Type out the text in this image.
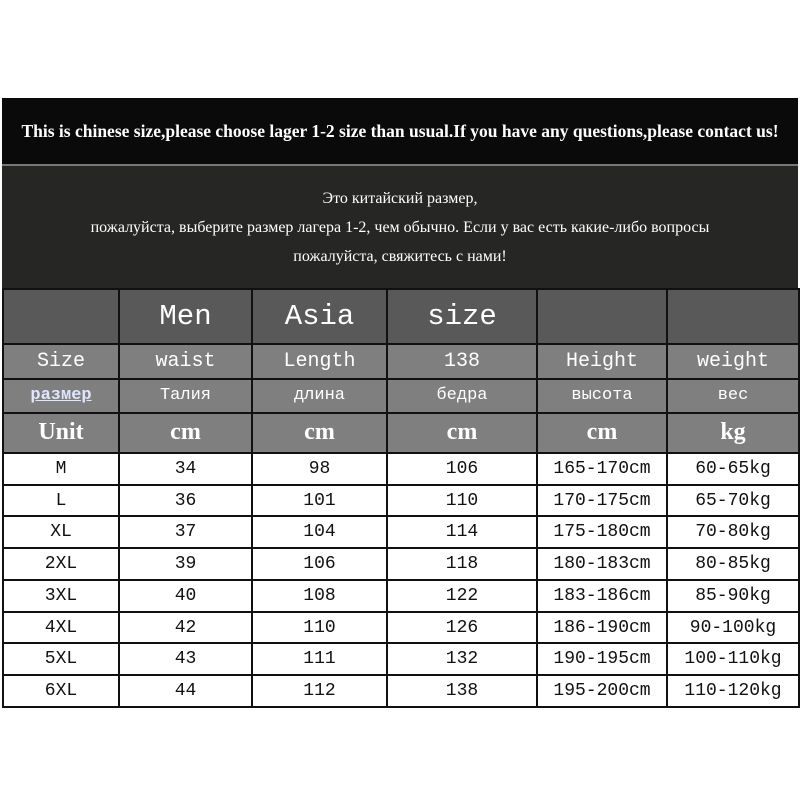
This is chinese size,please choose lager 1-2 size than usual.If you have any questions,please contact us!
Это китайский размер,
пожалуйста, выберите размер лагера 1-2, чем обычно. Если у вас есть какие-либо вопросы
пожалуйста, свяжитесь с нами!
	Men	Asia	size		
Size	waist	Length	138	Height	weight
размер	Талия	длина	бедра	высота	вес
Unit	cm	cm	cm	cm	kg
M	34	98	106	165-170cm	60-65kg
L	36	101	110	170-175cm	65-70kg
XL	37	104	114	175-180cm	70-80kg
2XL	39	106	118	180-183cm	80-85kg
3XL	40	108	122	183-186cm	85-90kg
4XL	42	110	126	186-190cm	90-100kg
5XL	43	111	132	190-195cm	100-110kg
6XL	44	112	138	195-200cm	110-120kg
